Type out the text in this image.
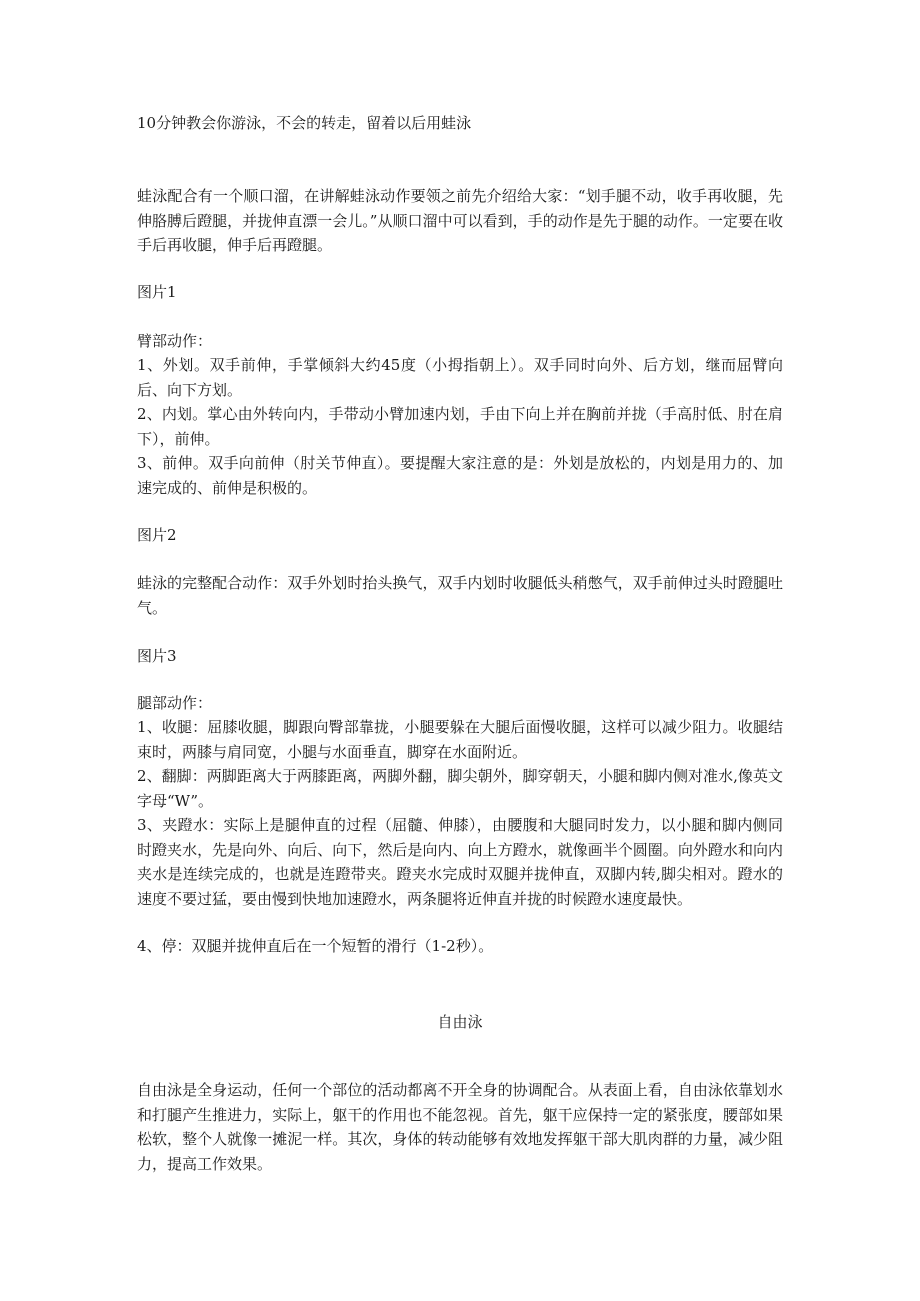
10分钟教会你游泳，不会的转走，留着以后用蛙泳
蛙泳配合有一个顺口溜，在讲解蛙泳动作要领之前先介绍给大家：“划手腿不动，收手再收腿，先伸胳膊后蹬腿，并拢伸直漂一会儿。”从顺口溜中可以看到，手的动作是先于腿的动作。一定要在收手后再收腿，伸手后再蹬腿。
图片1
臂部动作：
1、外划。双手前伸，手掌倾斜大约45度（小拇指朝上）。双手同时向外、后方划，继而屈臂向后、向下方划。
2、内划。掌心由外转向内，手带动小臂加速内划，手由下向上并在胸前并拢（手高肘低、肘在肩下），前伸。
3、前伸。双手向前伸（肘关节伸直）。要提醒大家注意的是：外划是放松的，内划是用力的、加速完成的、前伸是积极的。
图片2
蛙泳的完整配合动作：双手外划时抬头换气，双手内划时收腿低头稍憋气，双手前伸过头时蹬腿吐气。
图片3
腿部动作：
1、收腿：屈膝收腿，脚跟向臀部靠拢，小腿要躲在大腿后面慢收腿，这样可以减少阻力。收腿结束时，两膝与肩同宽，小腿与水面垂直，脚穿在水面附近。
2、翻脚：两脚距离大于两膝距离，两脚外翻，脚尖朝外，脚穿朝天，小腿和脚内侧对准水,像英文字母“W”。
3、夹蹬水：实际上是腿伸直的过程（屈髓、伸膝），由腰腹和大腿同时发力，以小腿和脚内侧同时蹬夹水，先是向外、向后、向下，然后是向内、向上方蹬水，就像画半个圆圈。向外蹬水和向内夹水是连续完成的，也就是连蹬带夹。蹬夹水完成时双腿并拢伸直，双脚内转,脚尖相对。蹬水的速度不要过猛，要由慢到快地加速蹬水，两条腿将近伸直并拢的时候蹬水速度最快。
4、停：双腿并拢伸直后在一个短暂的滑行（1-2秒）。
自由泳
自由泳是全身运动，任何一个部位的活动都离不开全身的协调配合。从表面上看，自由泳依靠划水和打腿产生推进力，实际上，躯干的作用也不能忽视。首先，躯干应保持一定的紧张度，腰部如果松软，整个人就像一摊泥一样。其次，身体的转动能够有效地发挥躯干部大肌肉群的力量，减少阻力，提高工作效果。
